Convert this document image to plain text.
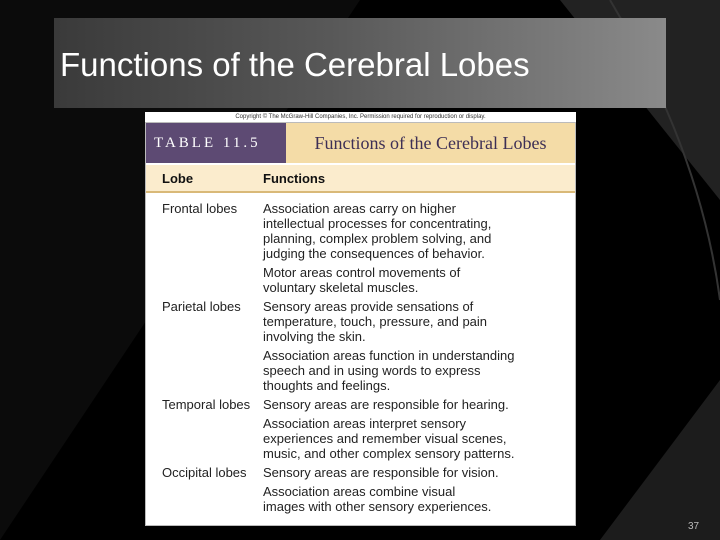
Functions of the Cerebral Lobes
Copyright © The McGraw-Hill Companies, Inc. Permission required for reproduction or display.
TABLE 11.5	Functions of the Cerebral Lobes
Lobe	Functions
Frontal lobes	Association areas carry on higher
intellectual processes for concentrating,
planning, complex problem solving, and
judging the consequences of behavior.

Motor areas control movements of
voluntary skeletal muscles.

Parietal lobes	Sensory areas provide sensations of
temperature, touch, pressure, and pain
involving the skin.

Association areas function in understanding
speech and in using words to express
thoughts and feelings.

Temporal lobes Sensory areas are responsible for hearing.

Association areas interpret sensory
experiences and remember visual scenes,
music, and other complex sensory patterns.

Occipital lobes	Sensory areas are responsible for vision.

Association areas combine visual
images with other sensory experiences.

37
